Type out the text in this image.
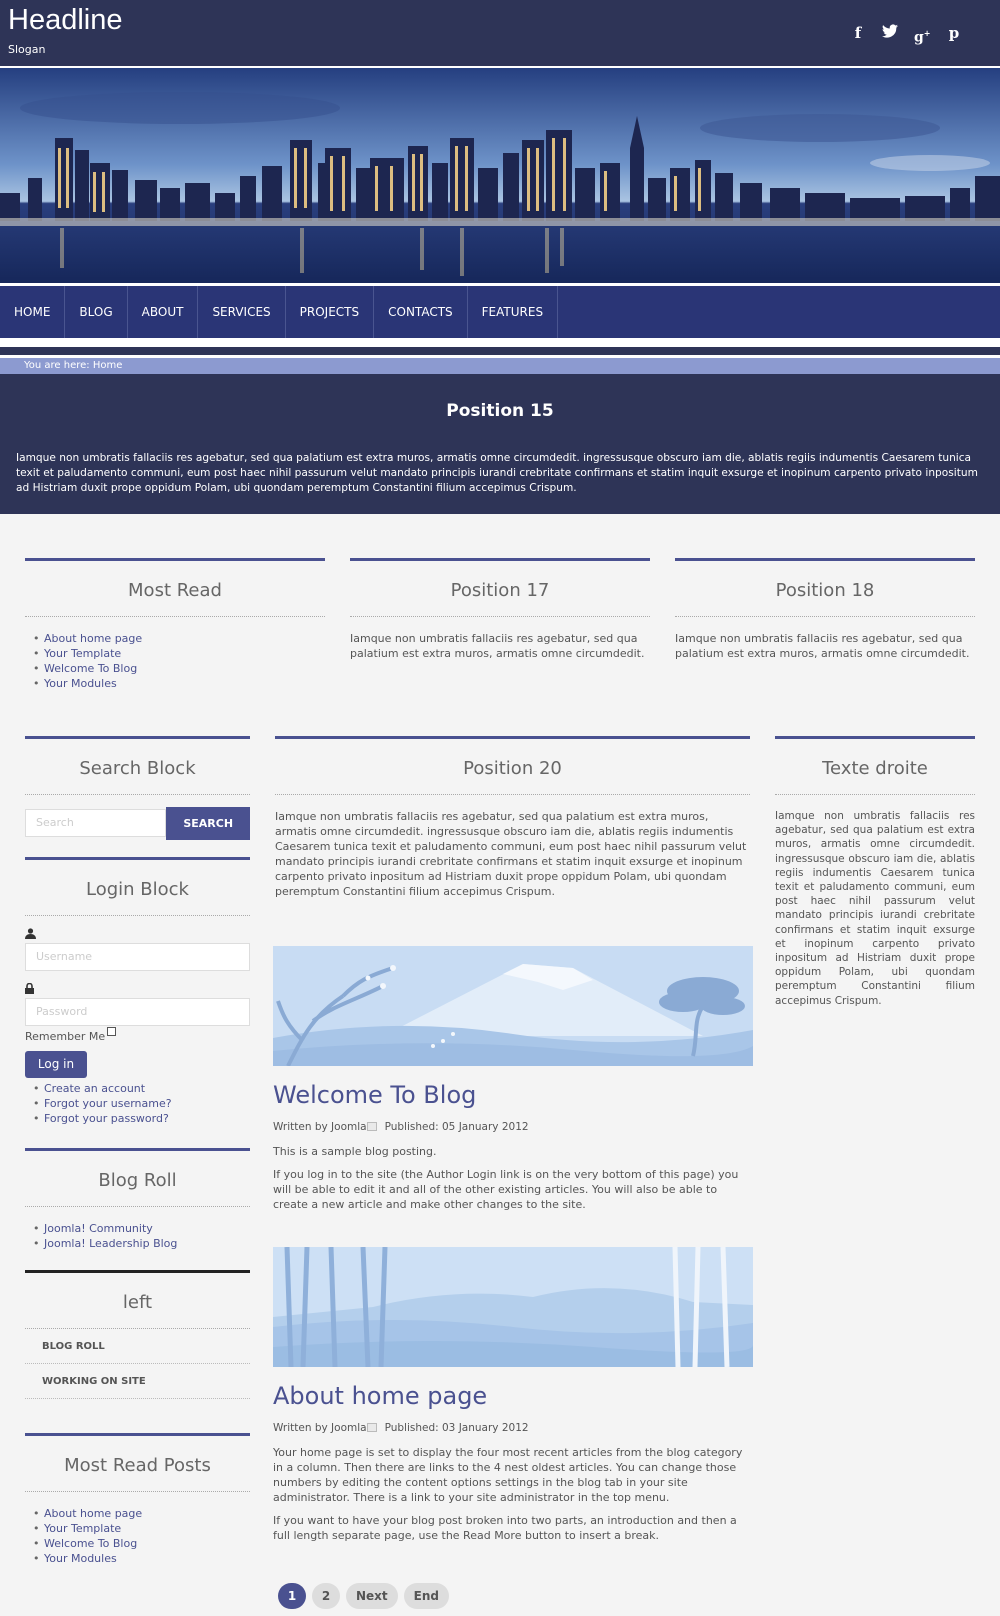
Headline
Slogan
f	g+ p
HOME	BLOG	ABOUT	SERVICES	PROJECTS	CONTACTS	FEATURES
You are here: Home
Position 15

Iamque non umbratis fallaciis res agebatur, sed qua palatium est extra muros, armatis omne circumdedit. ingressusque obscuro iam die, ablatis regiis indumentis Caesarem tunica texit et paludamento communi, eum post haec nihil passurum velut mandato principis iurandi crebritate confirmans et statim inquit exsurge et inopinum carpento privato inpositum ad Histriam duxit prope oppidum Polam, ubi quondam peremptum Constantini filium accepimus Crispum.

Most Read
• About home page
• Your Template
• Welcome To Blog
• Your Modules
Position 17

Iamque non umbratis fallaciis res agebatur, sed qua palatium est extra muros, armatis omne circumdedit.

Position 18

Iamque non umbratis fallaciis res agebatur, sed qua palatium est extra muros, armatis omne circumdedit.

Search Block
Search	SEARCH
Login Block
Username
Password
Remember Me
Log in
• Create an account
• Forgot your username?
• Forgot your password?
Blog Roll
• Joomla! Community
• Joomla! Leadership Blog
left
BLOG ROLL
WORKING ON SITE
Most Read Posts
• About home page
• Your Template
• Welcome To Blog
• Your Modules
Position 20

Iamque non umbratis fallaciis res agebatur, sed qua palatium est extra muros, armatis omne circumdedit. ingressusque obscuro iam die, ablatis regiis indumentis Caesarem tunica texit et paludamento communi, eum post haec nihil passurum velut mandato principis iurandi crebritate confirmans et statim inquit exsurge et inopinum carpento privato inpositum ad Histriam duxit prope oppidum Polam, ubi quondam peremptum Constantini filium accepimus Crispum.

Welcome To Blog
Written by Joomla Published: 05 January 2012

This is a sample blog posting.

If you log in to the site (the Author Login link is on the very bottom of this page) you will be able to edit it and all of the other existing articles. You will also be able to create a new article and make other changes to the site.

About home page
Written by Joomla Published: 03 January 2012

Your home page is set to display the four most recent articles from the blog category in a column. Then there are links to the 4 nest oldest articles. You can change those numbers by editing the content options settings in the blog tab in your site administrator. There is a link to your site administrator in the top menu.

If you want to have your blog post broken into two parts, an introduction and then a full length separate page, use the Read More button to insert a break.

1	2	Next	End
Texte droite

Iamque non umbratis fallaciis res agebatur, sed qua palatium est extra muros, armatis omne circumdedit. ingressusque obscuro iam die, ablatis regiis indumentis Caesarem tunica texit et paludamento communi, eum post haec nihil passurum velut mandato principis iurandi crebritate confirmans et statim inquit exsurge et inopinum carpento privato inpositum ad Histriam duxit prope oppidum Polam, ubi quondam peremptum Constantini filium accepimus Crispum.
